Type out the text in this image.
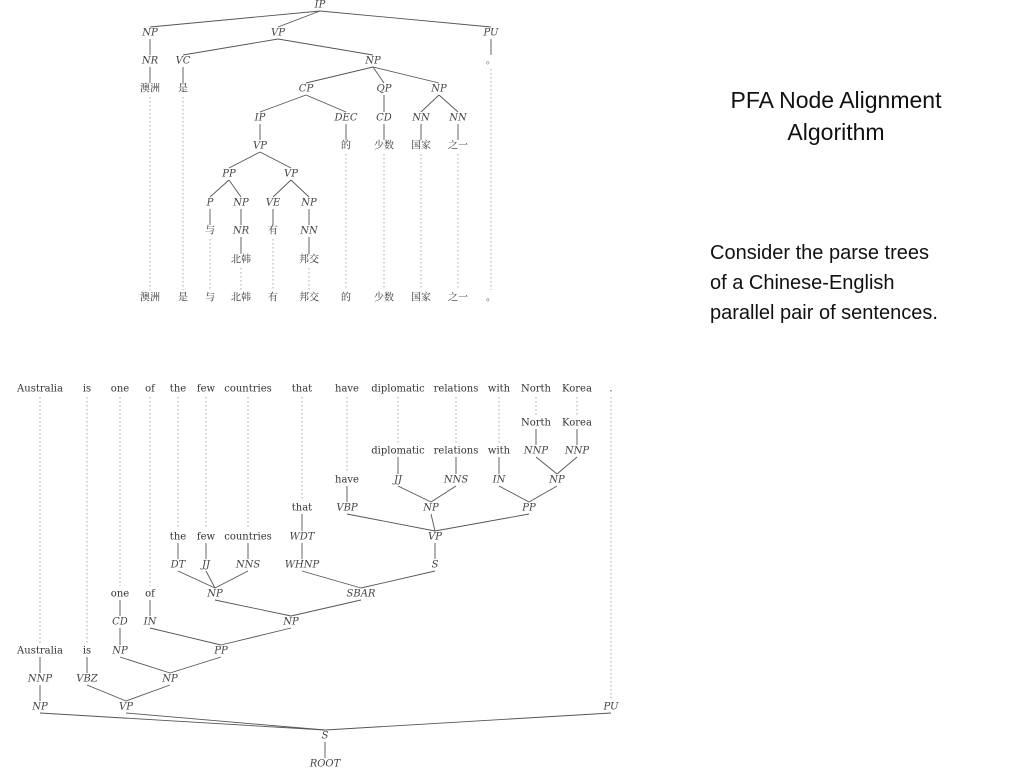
IP
NP	VP	PU
NR VC	NP	。
澳洲 是	CP	QP	NP
IP	DEC CD NN NN
VP	的 少数 国家 之一
PP	VP
P NP VE NP
与 NR 有 NN
北韩	邦交
ROOT
S
NP	VP	PU
NNP VBZ	NP
Australia is NP	PP
CD IN	NP
one of	NP	SBAR
DT JJ	NNS WHNP	S
the few countries WDT	VP
that VBP	NP	PP
have	JJ	NNS IN	NP
diplomatic relations with NNP NNP
North Korea
澳洲 是 与 北韩 有 邦交 的 少数 国家 之一 。
Australia is one of the few countries that have diplomatic relations with North Korea .
PFA Node Alignment
Algorithm
Consider the parse trees
of a Chinese-English
parallel pair of sentences.
